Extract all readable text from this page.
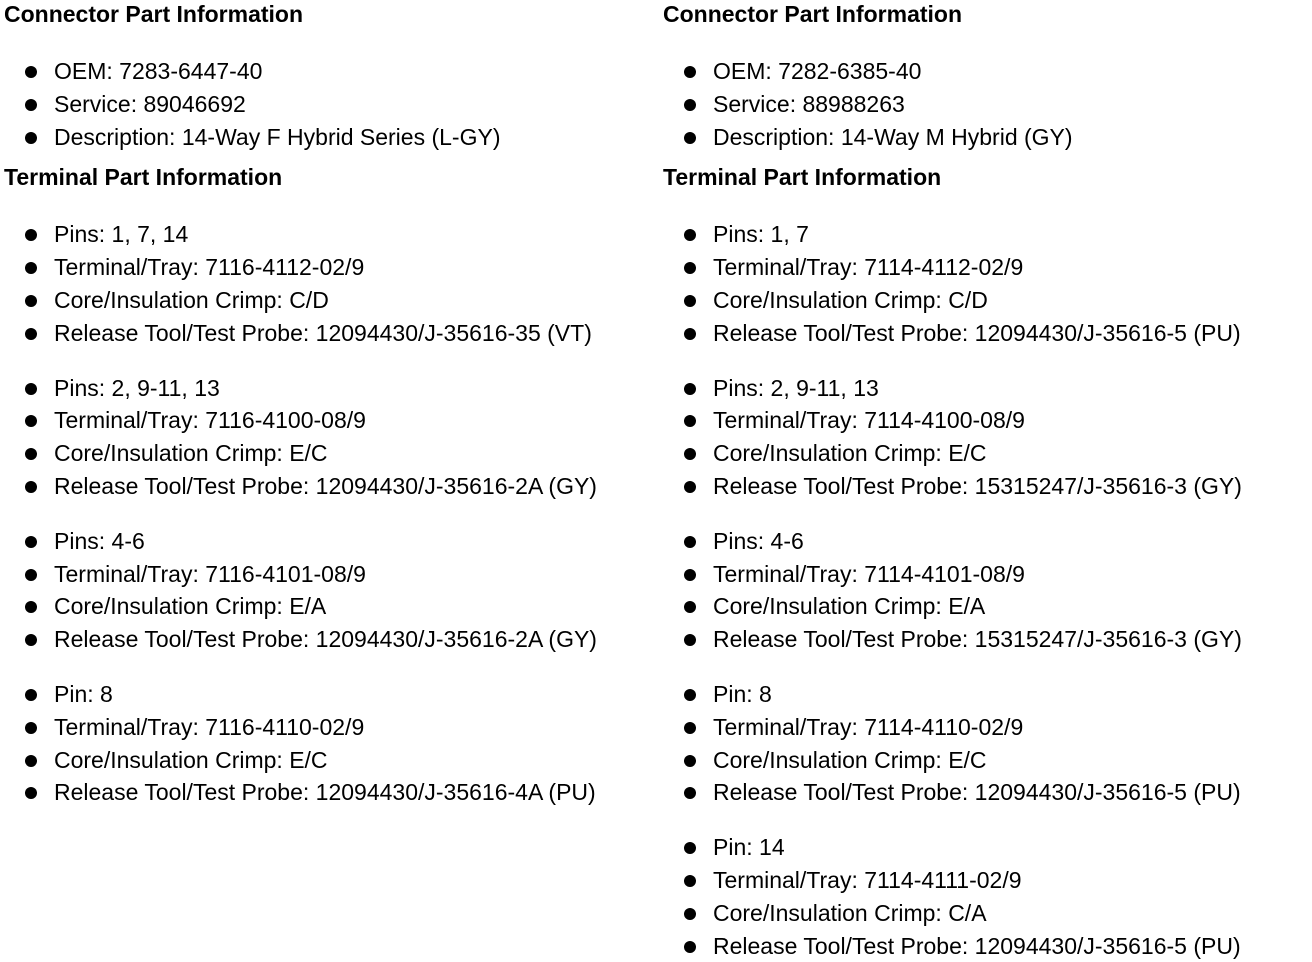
Connector Part Information
OEM: 7283-6447-40
Service: 89046692
Description: 14-Way F Hybrid Series (L-GY)
Terminal Part Information
Pins: 1, 7, 14
Terminal/Tray: 7116-4112-02/9
Core/Insulation Crimp: C/D
Release Tool/Test Probe: 12094430/J-35616-35 (VT)
Pins: 2, 9-11, 13
Terminal/Tray: 7116-4100-08/9
Core/Insulation Crimp: E/C
Release Tool/Test Probe: 12094430/J-35616-2A (GY)
Pins: 4-6
Terminal/Tray: 7116-4101-08/9
Core/Insulation Crimp: E/A
Release Tool/Test Probe: 12094430/J-35616-2A (GY)
Pin: 8
Terminal/Tray: 7116-4110-02/9
Core/Insulation Crimp: E/C
Release Tool/Test Probe: 12094430/J-35616-4A (PU)
Connector Part Information
OEM: 7282-6385-40
Service: 88988263
Description: 14-Way M Hybrid (GY)
Terminal Part Information
Pins: 1, 7
Terminal/Tray: 7114-4112-02/9
Core/Insulation Crimp: C/D
Release Tool/Test Probe: 12094430/J-35616-5 (PU)
Pins: 2, 9-11, 13
Terminal/Tray: 7114-4100-08/9
Core/Insulation Crimp: E/C
Release Tool/Test Probe: 15315247/J-35616-3 (GY)
Pins: 4-6
Terminal/Tray: 7114-4101-08/9
Core/Insulation Crimp: E/A
Release Tool/Test Probe: 15315247/J-35616-3 (GY)
Pin: 8
Terminal/Tray: 7114-4110-02/9
Core/Insulation Crimp: E/C
Release Tool/Test Probe: 12094430/J-35616-5 (PU)
Pin: 14
Terminal/Tray: 7114-4111-02/9
Core/Insulation Crimp: C/A
Release Tool/Test Probe: 12094430/J-35616-5 (PU)
